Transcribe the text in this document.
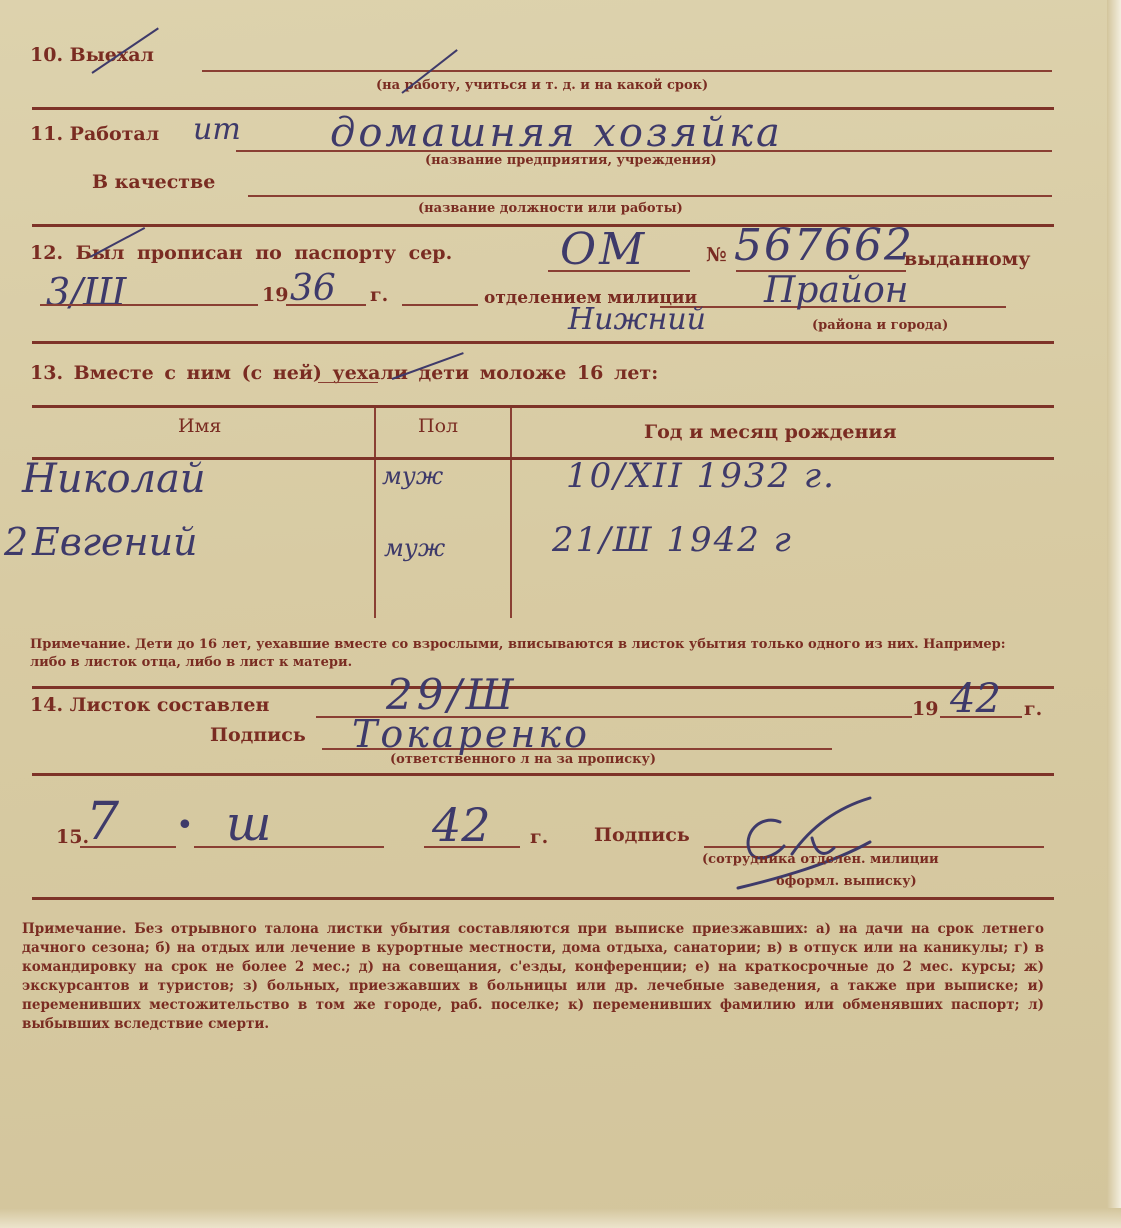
10. Выехал
(на работу, учиться и т. д. и на какой срок)
11. Работал ит домашняя хозяйка
(название предприятия, учреждения)
В качестве
(название должности или работы)
12. Был прописан по паспорту сер. ОМ	№ 567662
выданному
3/Ш	19 36 г.	отделением милиции Прайон
Нижний	(района и города)
13. Вместе с ним (с ней) уехали дети моложе 16 лет:
Имя	Пол	Год и месяц рождения
Николай	муж	10/XII 1932 г.
2 Евгений	муж	21/Ш 1942 г
Примечание. Дети до 16 лет, уехавшие вместе со взрослыми, вписываются в листок убытия только одного из них. Например: либо в листок отца, либо в лист к матери.
14. Листок составлен	29/Ш	19 42 г.
Подпись Токаренко
(ответственного л на за прописку)
15.
7 • ш	42 г. Подпись
(сотрудника отделен. милиции
оформл. выписку)
Примечание. Без отрывного талона листки убытия составляются при выписке приезжавших: а) на дачи на срок летнего дачного сезона; б) на отдых или лечение в курортные местности, дома отдыха, санатории; в) в отпуск или на каникулы; г) в командировку на срок не более 2 мес.; д) на совещания, с'езды, конференции; е) на краткосрочные до 2 мес. курсы; ж) экскурсантов и туристов; з) больных, приезжавших в больницы или др. лечебные заведения, а также при выписке; и) переменивших местожительство в том же городе, раб. поселке; к) переменивших фамилию или обменявших паспорт; л) выбывших вследствие смерти.
